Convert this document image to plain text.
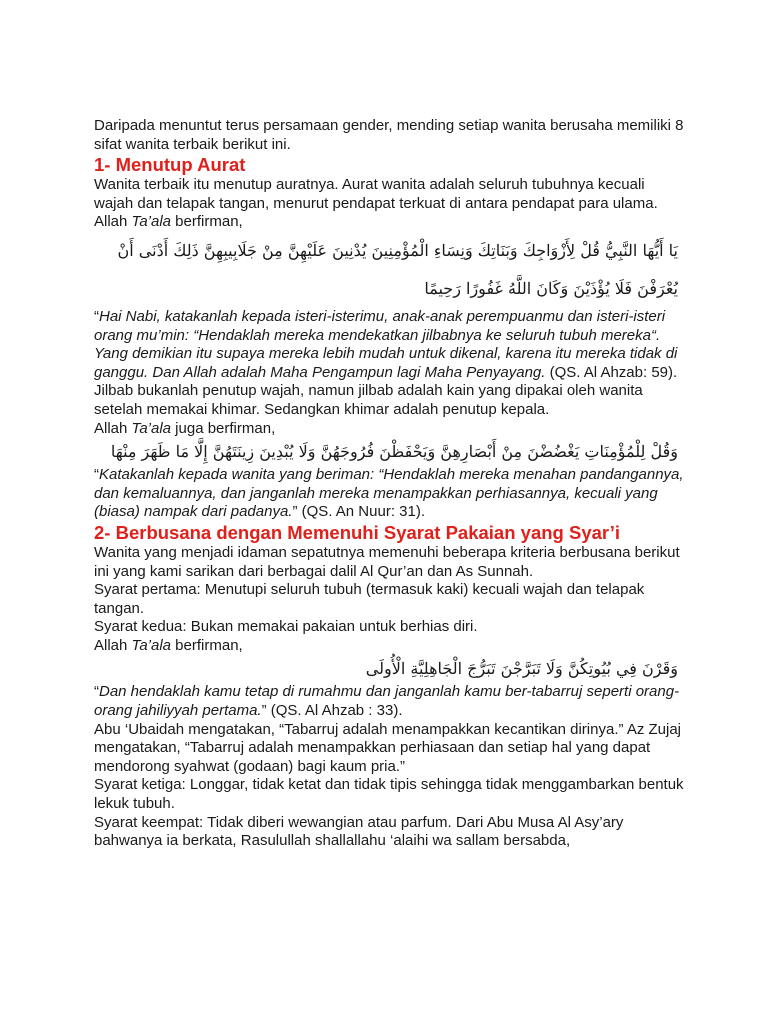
Daripada menuntut terus persamaan gender, mending setiap wanita berusaha memiliki 8 sifat wanita terbaik berikut ini.

1- Menutup Aurat

Wanita terbaik itu menutup auratnya. Aurat wanita adalah seluruh tubuhnya kecuali wajah dan telapak tangan, menurut pendapat terkuat di antara pendapat para ulama.

Allah Ta’ala berfirman,

يَا أَيُّهَا النَّبِيُّ قُلْ لِأَزْوَاجِكَ وَبَنَاتِكَ وَنِسَاءِ الْمُؤْمِنِينَ يُدْنِينَ عَلَيْهِنَّ مِنْ جَلَابِيبِهِنَّ ذَلِكَ أَدْنَى أَنْ يُعْرَفْنَ فَلَا يُؤْذَيْنَ وَكَانَ اللَّهُ غَفُورًا رَحِيمًا

“Hai Nabi, katakanlah kepada isteri-isterimu, anak-anak perempuanmu dan isteri-isteri orang mu’min: “Hendaklah mereka mendekatkan jilbabnya ke seluruh tubuh mereka“. Yang demikian itu supaya mereka lebih mudah untuk dikenal, karena itu mereka tidak di ganggu. Dan Allah adalah Maha Pengampun lagi Maha Penyayang. (QS. Al Ahzab: 59).

Jilbab bukanlah penutup wajah, namun jilbab adalah kain yang dipakai oleh wanita setelah memakai khimar. Sedangkan khimar adalah penutup kepala.

Allah Ta’ala juga berfirman,

وَقُلْ لِلْمُؤْمِنَاتِ يَغْضُضْنَ مِنْ أَبْصَارِهِنَّ وَيَحْفَظْنَ فُرُوجَهُنَّ وَلَا يُبْدِينَ زِينَتَهُنَّ إِلَّا مَا ظَهَرَ مِنْهَا

“Katakanlah kepada wanita yang beriman: “Hendaklah mereka menahan pandangannya, dan kemaluannya, dan janganlah mereka menampakkan perhiasannya, kecuali yang (biasa) nampak dari padanya.” (QS. An Nuur: 31).

2- Berbusana dengan Memenuhi Syarat Pakaian yang Syar’i

Wanita yang menjadi idaman sepatutnya memenuhi beberapa kriteria berbusana berikut ini yang kami sarikan dari berbagai dalil Al Qur’an dan As Sunnah.

Syarat pertama: Menutupi seluruh tubuh (termasuk kaki) kecuali wajah dan telapak tangan.

Syarat kedua: Bukan memakai pakaian untuk berhias diri.

Allah Ta’ala berfirman,

وَقَرْنَ فِي بُيُوتِكُنَّ وَلَا تَبَرَّجْنَ تَبَرُّجَ الْجَاهِلِيَّةِ الْأُولَى

“Dan hendaklah kamu tetap di rumahmu dan janganlah kamu ber-tabarruj seperti orang-orang jahiliyyah pertama.” (QS. Al Ahzab : 33).

Abu ‘Ubaidah mengatakan, “Tabarruj adalah menampakkan kecantikan dirinya.” Az Zujaj mengatakan, “Tabarruj adalah menampakkan perhiasaan dan setiap hal yang dapat mendorong syahwat (godaan) bagi kaum pria.”

Syarat ketiga: Longgar, tidak ketat dan tidak tipis sehingga tidak menggambarkan bentuk lekuk tubuh.

Syarat keempat: Tidak diberi wewangian atau parfum. Dari Abu Musa Al Asy’ary bahwanya ia berkata, Rasulullah shallallahu ‘alaihi wa sallam bersabda,
